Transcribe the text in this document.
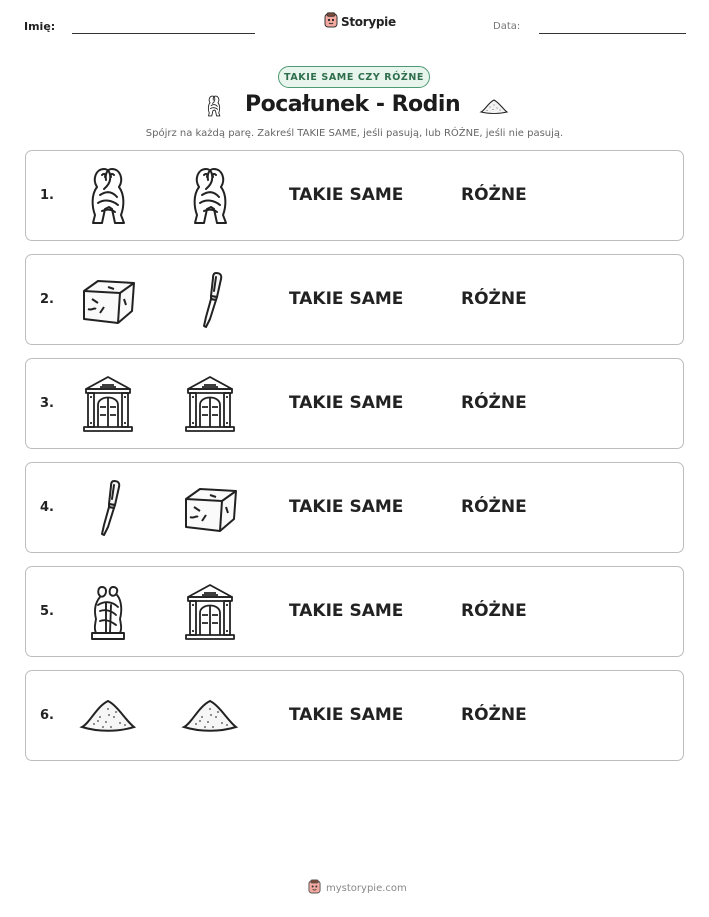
Imię:	Storypie	Data:
TAKIE SAME CZY RÓŻNE
Pocałunek - Rodin
Spójrz na każdą parę. Zakreśl TAKIE SAME, jeśli pasują, lub RÓŻNE, jeśli nie pasują.
1.	TAKIE SAME	RÓŻNE
2.	TAKIE SAME	RÓŻNE
3.	TAKIE SAME	RÓŻNE
4.	TAKIE SAME	RÓŻNE
5.	TAKIE SAME	RÓŻNE
6.	TAKIE SAME	RÓŻNE
mystorypie.com
